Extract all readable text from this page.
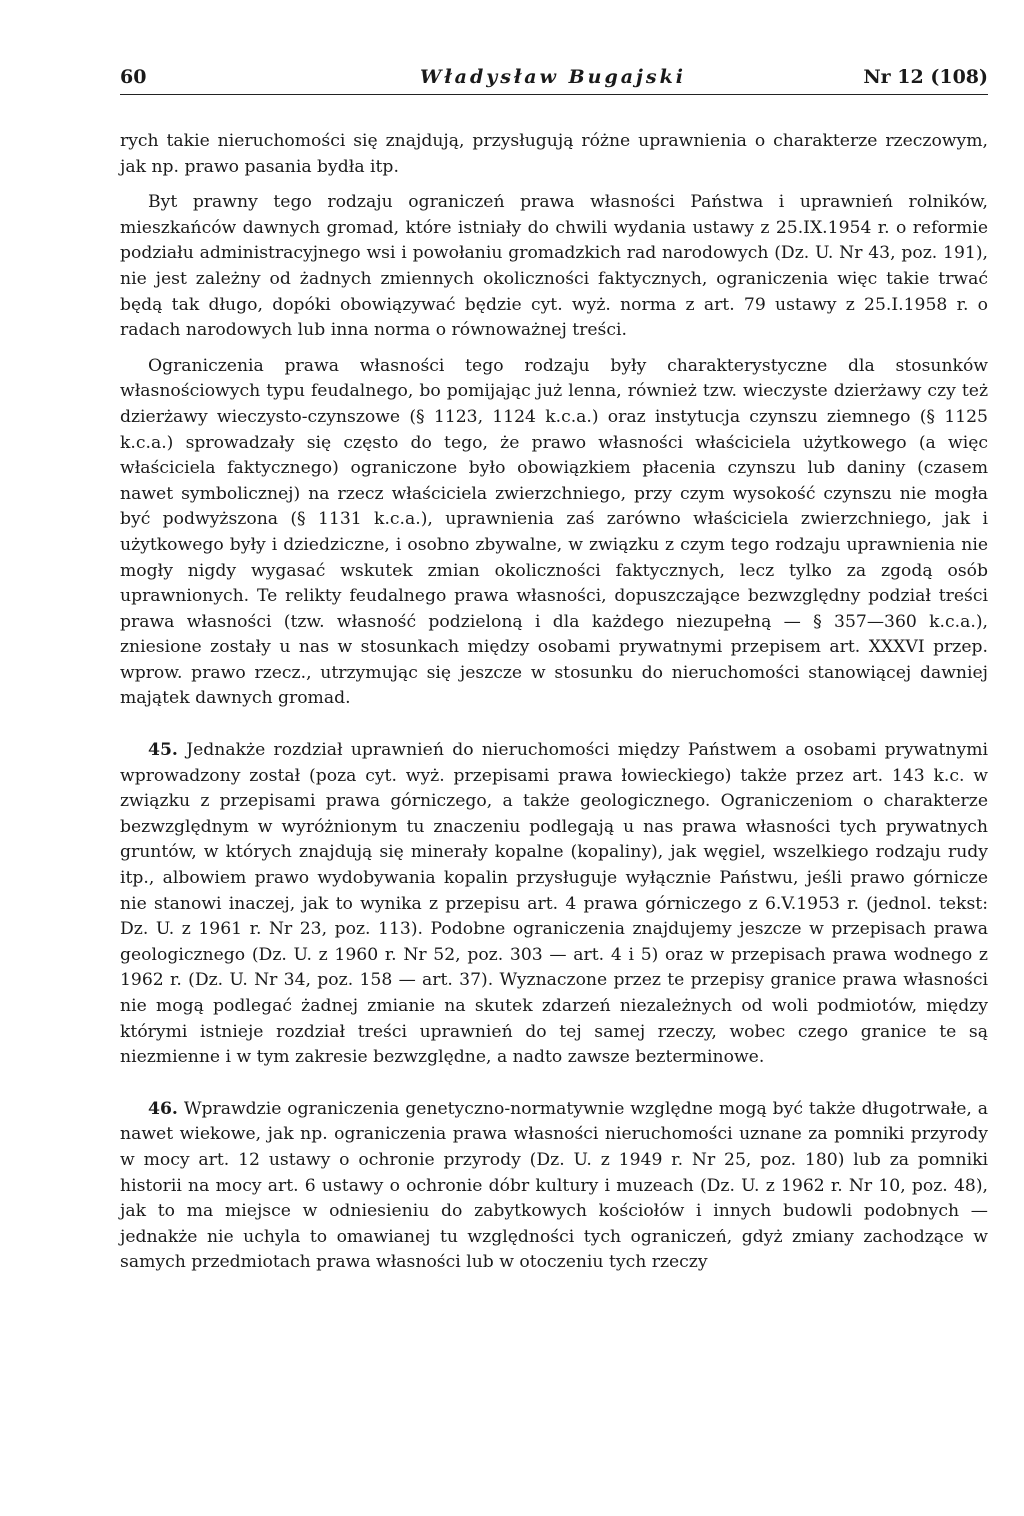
60	Władysław Bugajski	Nr 12 (108)

rych takie nieruchomości się znajdują, przysługują różne uprawnienia o charakterze rzeczowym, jak np. prawo pasania bydła itp.

Byt prawny tego rodzaju ograniczeń prawa własności Państwa i uprawnień rolników, mieszkańców dawnych gromad, które istniały do chwili wydania ustawy z 25.IX.1954 r. o reformie podziału administracyjnego wsi i powołaniu gromadzkich rad narodowych (Dz. U. Nr 43, poz. 191), nie jest zależny od żadnych zmiennych okoliczności faktycznych, ograniczenia więc takie trwać będą tak długo, dopóki obowiązywać będzie cyt. wyż. norma z art. 79 ustawy z 25.I.1958 r. o radach narodowych lub inna norma o równoważnej treści.

Ograniczenia prawa własności tego rodzaju były charakterystyczne dla stosunków własnościowych typu feudalnego, bo pomijając już lenna, również tzw. wieczyste dzierżawy czy też dzierżawy wieczysto-czynszowe (§ 1123, 1124 k.c.a.) oraz instytucja czynszu ziemnego (§ 1125 k.c.a.) sprowadzały się często do tego, że prawo własności właściciela użytkowego (a więc właściciela faktycznego) ograniczone było obowiązkiem płacenia czynszu lub daniny (czasem nawet symbolicznej) na rzecz właściciela zwierzchniego, przy czym wysokość czynszu nie mogła być podwyższona (§ 1131 k.c.a.), uprawnienia zaś zarówno właściciela zwierzchniego, jak i użytkowego były i dziedziczne, i osobno zbywalne, w związku z czym tego rodzaju uprawnienia nie mogły nigdy wygasać wskutek zmian okoliczności faktycznych, lecz tylko za zgodą osób uprawnionych. Te relikty feudalnego prawa własności, dopuszczające bezwzględny podział treści prawa własności (tzw. własność podzieloną i dla każdego niezupełną — § 357—360 k.c.a.), zniesione zostały u nas w stosunkach między osobami prywatnymi przepisem art. XXXVI przep. wprow. prawo rzecz., utrzymując się jeszcze w stosunku do nieruchomości stanowiącej dawniej majątek dawnych gromad.

45. Jednakże rozdział uprawnień do nieruchomości między Państwem a osobami prywatnymi wprowadzony został (poza cyt. wyż. przepisami prawa łowieckiego) także przez art. 143 k.c. w związku z przepisami prawa górniczego, a także geologicznego. Ograniczeniom o charakterze bezwzględnym w wyróżnionym tu znaczeniu podlegają u nas prawa własności tych prywatnych gruntów, w których znajdują się minerały kopalne (kopaliny), jak węgiel, wszelkiego rodzaju rudy itp., albowiem prawo wydobywania kopalin przysługuje wyłącznie Państwu, jeśli prawo górnicze nie stanowi inaczej, jak to wynika z przepisu art. 4 prawa górniczego z 6.V.1953 r. (jednol. tekst: Dz. U. z 1961 r. Nr 23, poz. 113). Podobne ograniczenia znajdujemy jeszcze w przepisach prawa geologicznego (Dz. U. z 1960 r. Nr 52, poz. 303 — art. 4 i 5) oraz w przepisach prawa wodnego z 1962 r. (Dz. U. Nr 34, poz. 158 — art. 37). Wyznaczone przez te przepisy granice prawa własności nie mogą podlegać żadnej zmianie na skutek zdarzeń niezależnych od woli podmiotów, między którymi istnieje rozdział treści uprawnień do tej samej rzeczy, wobec czego granice te są niezmienne i w tym zakresie bezwzględne, a nadto zawsze bezterminowe.

46. Wprawdzie ograniczenia genetyczno-normatywnie względne mogą być także długotrwałe, a nawet wiekowe, jak np. ograniczenia prawa własności nieruchomości uznane za pomniki przyrody w mocy art. 12 ustawy o ochronie przyrody (Dz. U. z 1949 r. Nr 25, poz. 180) lub za pomniki historii na mocy art. 6 ustawy o ochronie dóbr kultury i muzeach (Dz. U. z 1962 r. Nr 10, poz. 48), jak to ma miejsce w odniesieniu do zabytkowych kościołów i innych budowli podobnych — jednakże nie uchyla to omawianej tu względności tych ograniczeń, gdyż zmiany zachodzące w samych przedmiotach prawa własności lub w otoczeniu tych rzeczy
